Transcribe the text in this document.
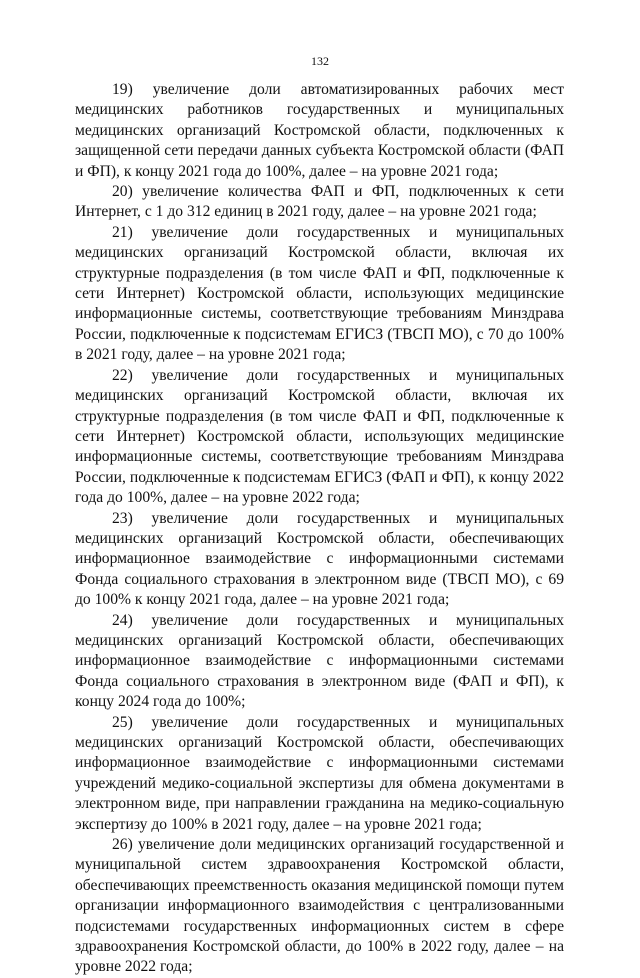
132

19) увеличение доли автоматизированных рабочих мест медицинских работников государственных и муниципальных медицинских организаций Костромской области, подключенных к защищенной сети передачи данных субъекта Костромской области (ФАП и ФП), к концу 2021 года до 100%, далее – на уровне 2021 года;

20) увеличение количества ФАП и ФП, подключенных к сети Интернет, с 1 до 312 единиц в 2021 году, далее – на уровне 2021 года;

21) увеличение доли государственных и муниципальных медицинских организаций Костромской области, включая их структурные подразделения (в том числе ФАП и ФП, подключенные к сети Интернет) Костромской области, использующих медицинские информационные системы, соответствующие требованиям Минздрава России, подключенные к подсистемам ЕГИСЗ (ТВСП МО), с 70 до 100% в 2021 году, далее – на уровне 2021 года;

22) увеличение доли государственных и муниципальных медицинских организаций Костромской области, включая их структурные подразделения (в том числе ФАП и ФП, подключенные к сети Интернет) Костромской области, использующих медицинские информационные системы, соответствующие требованиям Минздрава России, подключенные к подсистемам ЕГИСЗ (ФАП и ФП), к концу 2022 года до 100%, далее – на уровне 2022 года;

23) увеличение доли государственных и муниципальных медицинских организаций Костромской области, обеспечивающих информационное взаимодействие с информационными системами Фонда социального страхования в электронном виде (ТВСП МО), с 69 до 100% к концу 2021 года, далее – на уровне 2021 года;

24) увеличение доли государственных и муниципальных медицинских организаций Костромской области, обеспечивающих информационное взаимодействие с информационными системами Фонда социального страхования в электронном виде (ФАП и ФП), к концу 2024 года до 100%;

25) увеличение доли государственных и муниципальных медицинских организаций Костромской области, обеспечивающих информационное взаимодействие с информационными системами учреждений медико-социальной экспертизы для обмена документами в электронном виде, при направлении гражданина на медико-социальную экспертизу до 100% в 2021 году, далее – на уровне 2021 года;

26) увеличение доли медицинских организаций государственной и муниципальной систем здравоохранения Костромской области, обеспечивающих преемственность оказания медицинской помощи путем организации информационного взаимодействия с централизованными подсистемами государственных информационных систем в сфере здравоохранения Костромской области, до 100% в 2022 году, далее – на уровне 2022 года;
